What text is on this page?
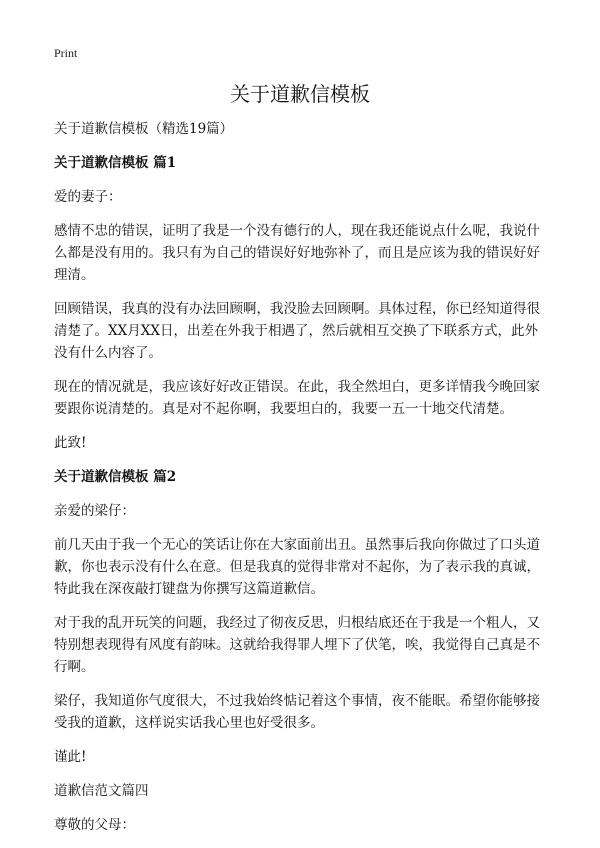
Print
关于道歉信模板

关于道歉信模板（精选19篇）

关于道歉信模板 篇1

爱的妻子：

感情不忠的错误，证明了我是一个没有德行的人，现在我还能说点什么呢，我说什么都是没有用的。我只有为自己的错误好好地弥补了，而且是应该为我的错误好好理清。

回顾错误，我真的没有办法回顾啊，我没脸去回顾啊。具体过程，你已经知道得很清楚了。XX月XX日，出差在外我于相遇了，然后就相互交换了下联系方式，此外没有什么内容了。

现在的情况就是，我应该好好改正错误。在此，我全然坦白，更多详情我今晚回家要跟你说清楚的。真是对不起你啊，我要坦白的，我要一五一十地交代清楚。

此致!

关于道歉信模板 篇2

亲爱的梁仔：

前几天由于我一个无心的笑话让你在大家面前出丑。虽然事后我向你做过了口头道歉，你也表示没有什么在意。但是我真的觉得非常对不起你，为了表示我的真诚，特此我在深夜敲打键盘为你撰写这篇道歉信。

对于我的乱开玩笑的问题，我经过了彻夜反思，归根结底还在于我是一个粗人，又特别想表现得有风度有韵味。这就给我得罪人埋下了伏笔，唉，我觉得自己真是不行啊。

梁仔，我知道你气度很大，不过我始终惦记着这个事情，夜不能眠。希望你能够接受我的道歉，这样说实话我心里也好受很多。

谨此!

道歉信范文篇四

尊敬的父母：
